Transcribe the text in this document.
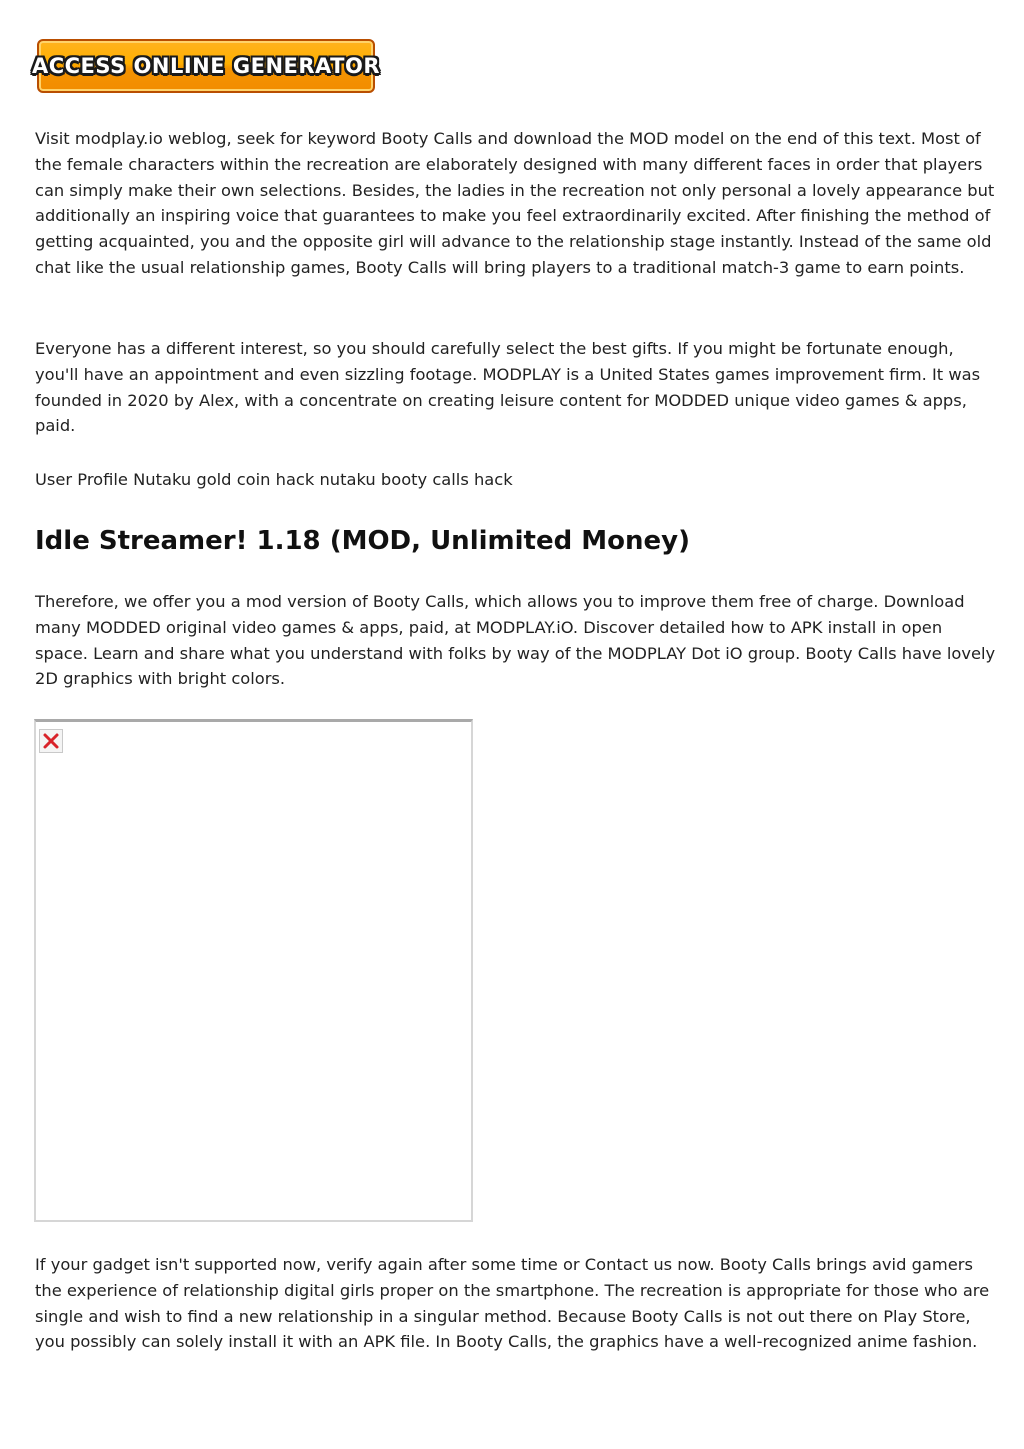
ACCESS ONLINE GENERATOR

Visit modplay.io weblog, seek for keyword Booty Calls and download the MOD model on the end of this text. Most of the female characters within the recreation are elaborately designed with many different faces in order that players can simply make their own selections. Besides, the ladies in the recreation not only personal a lovely appearance but additionally an inspiring voice that guarantees to make you feel extraordinarily excited. After finishing the method of getting acquainted, you and the opposite girl will advance to the relationship stage instantly. Instead of the same old chat like the usual relationship games, Booty Calls will bring players to a traditional match-3 game to earn points.

Everyone has a different interest, so you should carefully select the best gifts. If you might be fortunate enough, you'll have an appointment and even sizzling footage. MODPLAY is a United States games improvement firm. It was founded in 2020 by Alex, with a concentrate on creating leisure content for MODDED unique video games & apps, paid.

User Profile Nutaku gold coin hack nutaku booty calls hack

Idle Streamer! 1.18 (MOD, Unlimited Money)

Therefore, we offer you a mod version of Booty Calls, which allows you to improve them free of charge. Download many MODDED original video games & apps, paid, at MODPLAY.iO. Discover detailed how to APK install in open space. Learn and share what you understand with folks by way of the MODPLAY Dot iO group. Booty Calls have lovely 2D graphics with bright colors.

If your gadget isn't supported now, verify again after some time or Contact us now. Booty Calls brings avid gamers the experience of relationship digital girls proper on the smartphone. The recreation is appropriate for those who are single and wish to find a new relationship in a singular method. Because Booty Calls is not out there on Play Store, you possibly can solely install it with an APK file. In Booty Calls, the graphics have a well-recognized anime fashion.
